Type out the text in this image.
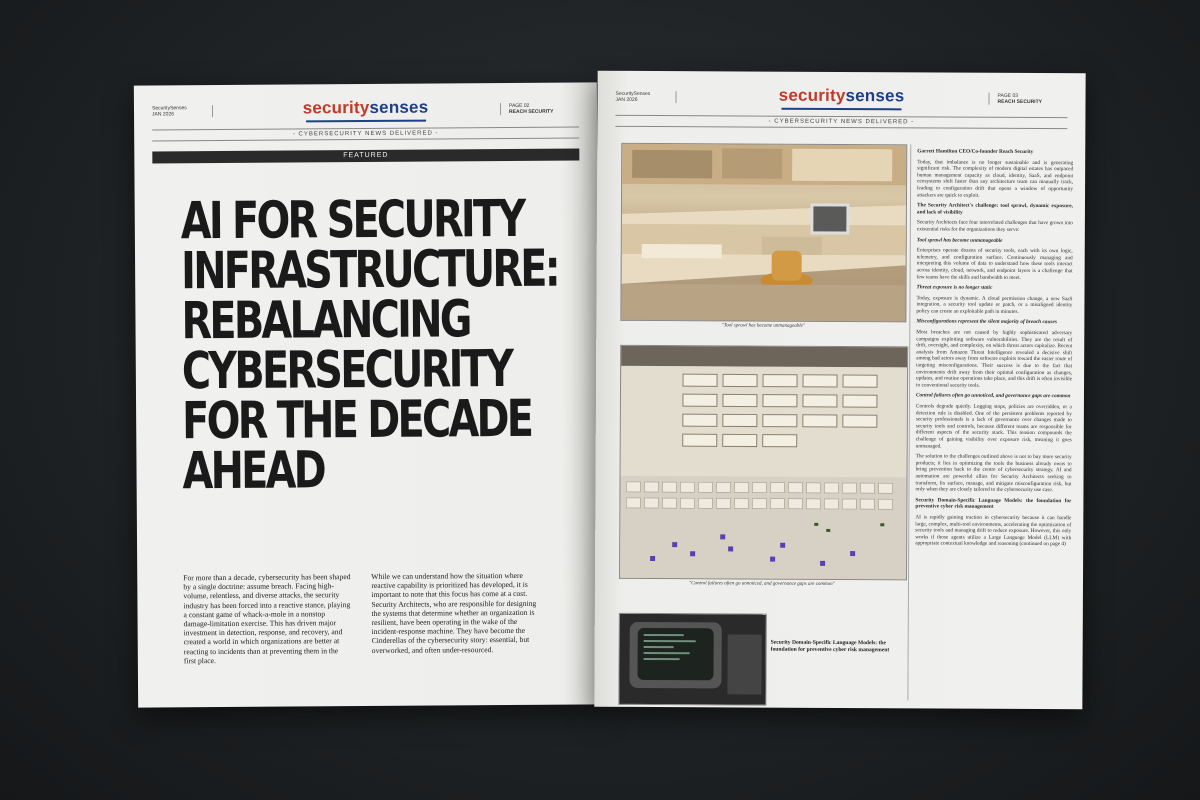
SecuritySenses
JAN 2026	securitysenses	PAGE 02
REACH SECURITY
- CYBERSECURITY NEWS DELIVERED -
FEATURED
AI FOR SECURITY INFRASTRUCTURE: REBALANCING CYBERSECURITY FOR THE DECADE AHEAD
For more than a decade, cybersecurity has been shaped by a single doctrine: assume breach. Facing high-volume, relentless, and diverse attacks, the security industry has been forced into a reactive stance, playing a constant game of whack-a-mole in a nonstop damage-limitation exercise. This has driven major investment in detection, response, and recovery, and created a world in which organizations are better at reacting to incidents than at preventing them in the first place.
While we can understand how the situation where reactive capability is prioritized has developed, it is important to note that this focus has come at a cost. Security Architects, who are responsible for designing the systems that determine whether an organization is resilient, have been operating in the wake of the incident-response machine. They have become the Cinderellas of the cybersecurity story: essential, but overworked, and often under-resourced.
SecuritySenses
JAN 2026	securitysenses	PAGE 03
REACH SECURITY
- CYBERSECURITY NEWS DELIVERED -
"Tool sprawl has become unmanageable"
"Control failures often go unnoticed, and governance gaps are common"
Security Domain-Specific Language Models: the foundation for preventive cyber risk management

Garrett Hamilton CEO/Co-founder Reach Security

Today, that imbalance is no longer sustainable and is generating significant risk. The complexity of modern digital estates has outpaced human management capacity as cloud, identity, SaaS, and endpoint ecosystems shift faster than any architecture team can manually track, leading to configuration drift that opens a window of opportunity attackers are quick to exploit.

The Security Architect's challenge: tool sprawl, dynamic exposure, and lack of visibility

Security Architects face four interrelated challenges that have grown into existential risks for the organizations they serve:

Tool sprawl has become unmanageable

Enterprises operate dozens of security tools, each with its own logic, telemetry, and configuration surface. Continuously managing and interpreting this volume of data to understand how these tools interact across identity, cloud, network, and endpoint layers is a challenge that few teams have the skills and bandwidth to meet.

Threat exposure is no longer static

Today, exposure is dynamic. A cloud permission change, a new SaaS integration, a security tool update or patch, or a misaligned identity policy can create an exploitable path in minutes.

Misconfigurations represent the silent majority of breach causes

Most breaches are not caused by highly sophisticated adversary campaigns exploiting software vulnerabilities. They are the result of drift, oversight, and complexity, on which threat actors capitalize. Recent analysis from Amazon Threat Intelligence revealed a decisive shift among bad actors away from software exploits toward the easier route of targeting misconfigurations. Their success is due to the fact that environments drift away from their optimal configuration as changes, updates, and routine operations take place, and this drift is often invisible to conventional security tools.

Control failures often go unnoticed, and governance gaps are common

Controls degrade quietly. Logging stops, policies are overridden, or a detection rule is disabled. One of the persistent problems reported by security professionals is a lack of governance over changes made to security tools and controls, because different teams are responsible for different aspects of the security stack. This tension compounds the challenge of gaining visibility over exposure risk, meaning it goes unmanaged.

The solution to the challenges outlined above is not to buy more security products; it lies in optimizing the tools the business already owns to bring prevention back to the centre of cybersecurity strategy. AI and automation are powerful allies for Security Architects seeking to transform, fix surface, manage, and mitigate misconfiguration risk, but only when they are closely tailored to the cybersecurity use case.

Security Domain-Specific Language Models: the foundation for preventive cyber risk management

AI is rapidly gaining traction in cybersecurity because it can handle large, complex, multi-tool environments, accelerating the optimization of security tools and managing drift to reduce exposure. However, this only works if those agents utilize a Large Language Model (LLM) with appropriate contextual knowledge and reasoning (continued on page 4)
